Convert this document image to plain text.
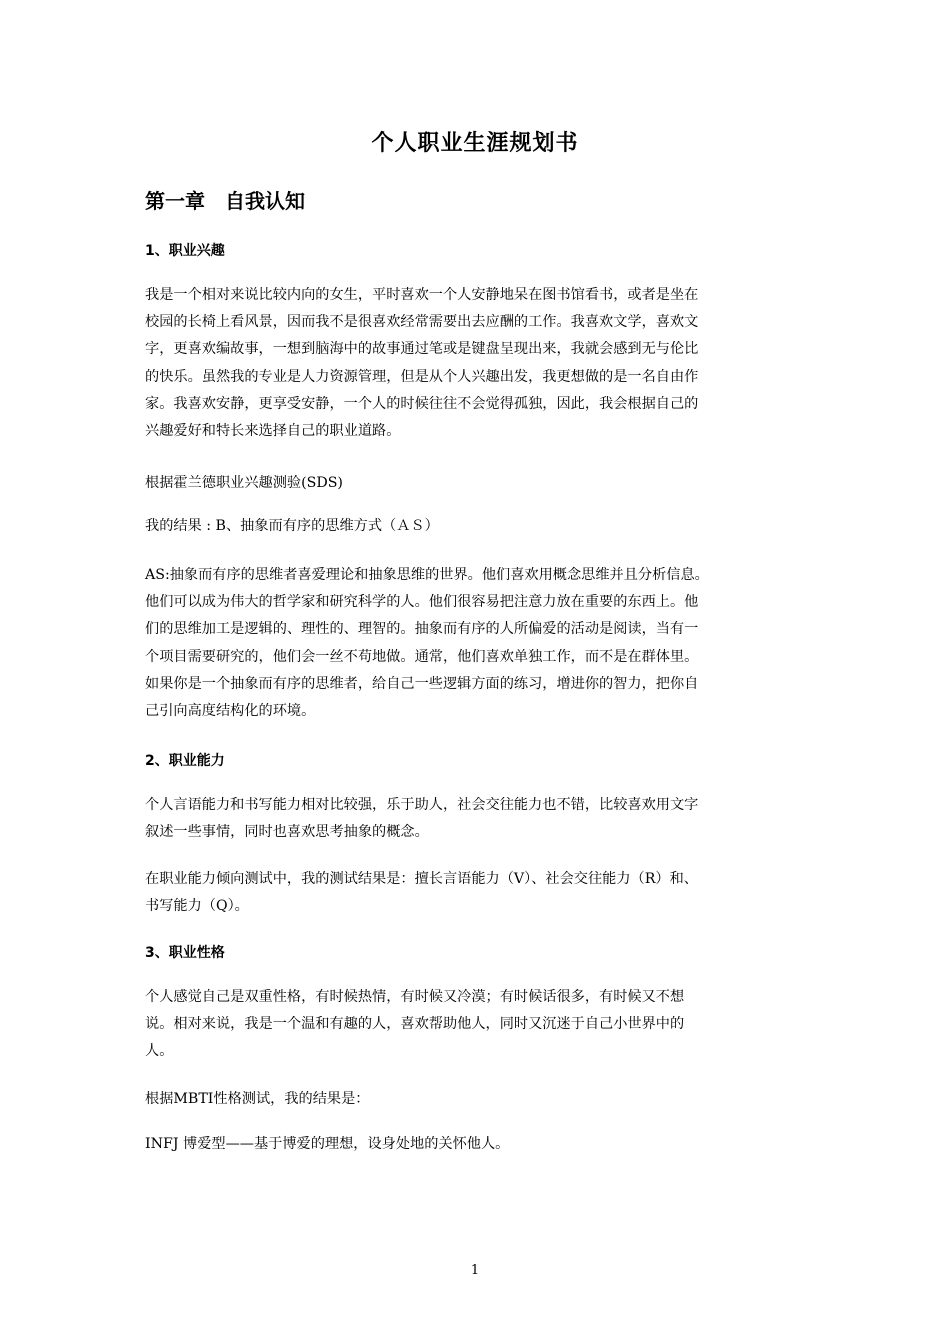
个人职业生涯规划书
第一章　自我认知
1、职业兴趣
我是一个相对来说比较内向的女生，平时喜欢一个人安静地呆在图书馆看书，或者是坐在
校园的长椅上看风景，因而我不是很喜欢经常需要出去应酬的工作。我喜欢文学，喜欢文
字，更喜欢编故事，一想到脑海中的故事通过笔或是键盘呈现出来，我就会感到无与伦比
的快乐。虽然我的专业是人力资源管理，但是从个人兴趣出发，我更想做的是一名自由作
家。我喜欢安静，更享受安静，一个人的时候往往不会觉得孤独，因此，我会根据自己的
兴趣爱好和特长来选择自己的职业道路。
根据霍兰德职业兴趣测验(SDS)
我的结果 : B、抽象而有序的思维方式（ＡＳ）
AS:抽象而有序的思维者喜爱理论和抽象思维的世界。他们喜欢用概念思维并且分析信息。
他们可以成为伟大的哲学家和研究科学的人。他们很容易把注意力放在重要的东西上。他
们的思维加工是逻辑的、理性的、理智的。抽象而有序的人所偏爱的活动是阅读，当有一
个项目需要研究的，他们会一丝不苟地做。通常，他们喜欢单独工作，而不是在群体里。
如果你是一个抽象而有序的思维者，给自己一些逻辑方面的练习，增进你的智力，把你自
己引向高度结构化的环境。
2、职业能力
个人言语能力和书写能力相对比较强，乐于助人，社会交往能力也不错，比较喜欢用文字
叙述一些事情，同时也喜欢思考抽象的概念。
在职业能力倾向测试中，我的测试结果是：擅长言语能力（V）、社会交往能力（R）和、
书写能力（Q）。
3、职业性格
个人感觉自己是双重性格，有时候热情，有时候又冷漠；有时候话很多，有时候又不想
说。相对来说，我是一个温和有趣的人，喜欢帮助他人，同时又沉迷于自己小世界中的
人。
根据MBTI性格测试，我的结果是：
INFJ 博爱型——基于博爱的理想，设身处地的关怀他人。
1
